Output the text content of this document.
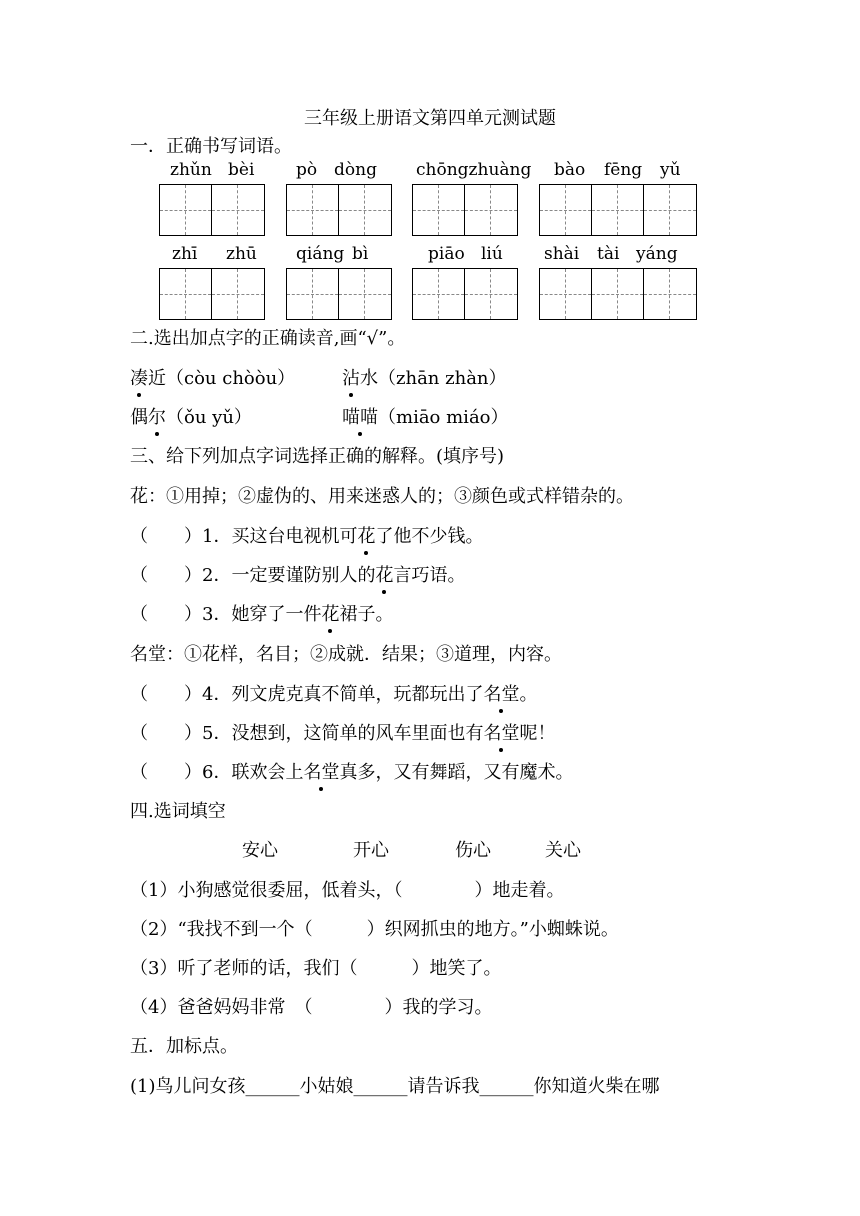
三年级上册语文第四单元测试题
一．正确书写词语。
zhǔn bèi pò dòng chōngzhuàng bào fēng yǔ
zhī zhū qiáng bì	piāo liú shài tài yáng
二.选出加点字的正确读音,画“√”。
凑近（còu chòòu）	沾水（zhān zhàn）
偶尔（ǒu yǔ）	喵喵（miāo miáo）
三、给下列加点字词选择正确的解释。(填序号)
花：①用掉；②虚伪的、用来迷惑人的；③颜色或式样错杂的。
（　　）1．买这台电视机可花了他不少钱。
（　　）2．一定要谨防别人的花言巧语。
（　　）3．她穿了一件花裙子。
名堂：①花样，名目；②成就．结果；③道理，内容。
（　　）4．列文虎克真不简单，玩都玩出了名堂。
（　　）5．没想到，这简单的风车里面也有名堂呢！
（　　）6．联欢会上名堂真多，又有舞蹈，又有魔术。
四.选词填空
安心	开心	伤心	关心
（1）小狗感觉很委屈，低着头，（　　　　）地走着。
（2）“我找不到一个（　　　）织网抓虫的地方。”小蜘蛛说。
（3）听了老师的话，我们（　　　）地笑了。
（4）爸爸妈妈非常　（　　　　）我的学习。
五．加标点。
(1)鸟儿问女孩______小姑娘______请告诉我______你知道火柴在哪
